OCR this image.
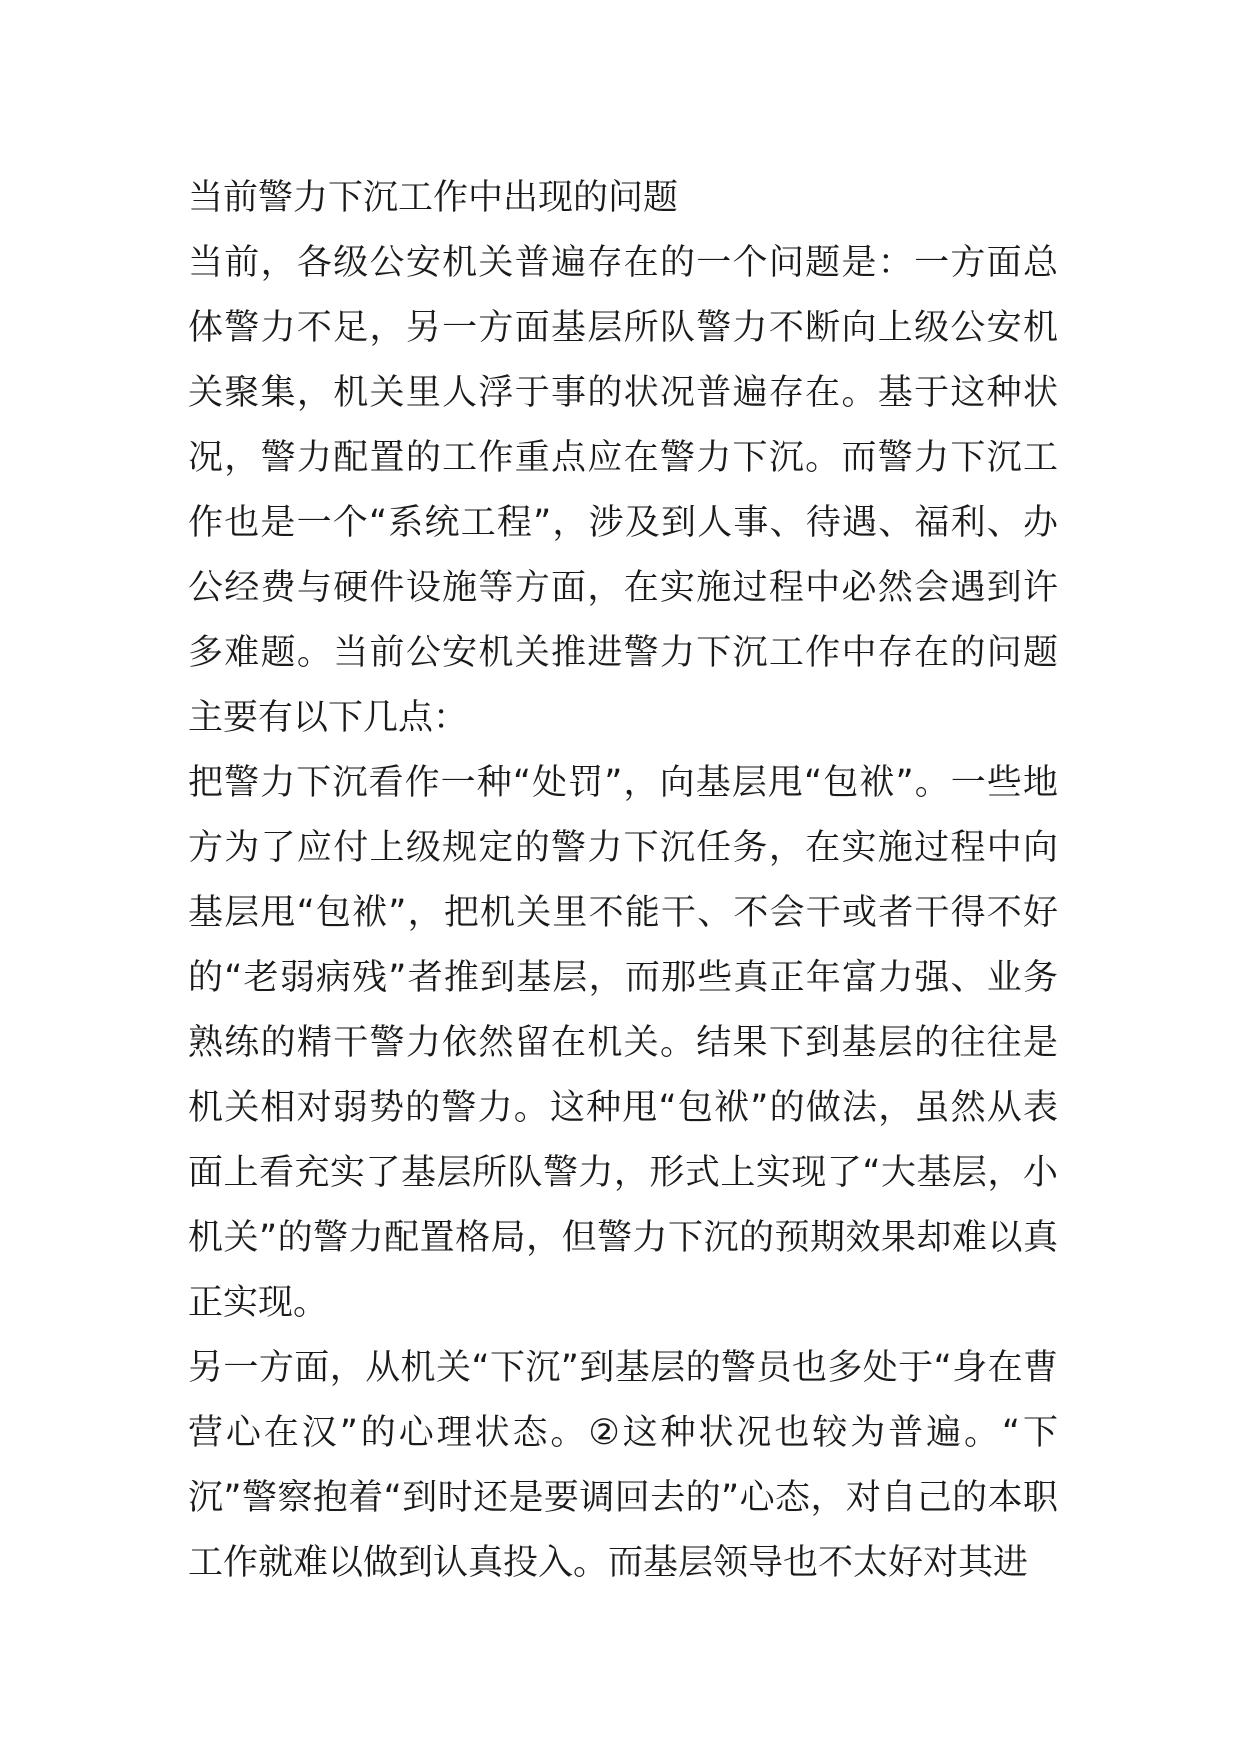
当前警力下沉工作中出现的问题

当前，各级公安机关普遍存在的一个问题是：一方面总体警力不足，另一方面基层所队警力不断向上级公安机关聚集，机关里人浮于事的状况普遍存在。基于这种状况，警力配置的工作重点应在警力下沉。而警力下沉工作也是一个“系统工程”，涉及到人事、待遇、福利、办公经费与硬件设施等方面，在实施过程中必然会遇到许多难题。当前公安机关推进警力下沉工作中存在的问题主要有以下几点：

把警力下沉看作一种“处罚”，向基层甩“包袱”。一些地方为了应付上级规定的警力下沉任务，在实施过程中向基层甩“包袱”，把机关里不能干、不会干或者干得不好的“老弱病残”者推到基层，而那些真正年富力强、业务熟练的精干警力依然留在机关。结果下到基层的往往是机关相对弱势的警力。这种甩“包袱”的做法，虽然从表面上看充实了基层所队警力，形式上实现了“大基层，小机关”的警力配置格局，但警力下沉的预期效果却难以真正实现。

另一方面，从机关“下沉”到基层的警员也多处于“身在曹营心在汉”的心理状态。②这种状况也较为普遍。“下沉”警察抱着“到时还是要调回去的”心态，对自己的本职工作就难以做到认真投入。而基层领导也不太好对其进
